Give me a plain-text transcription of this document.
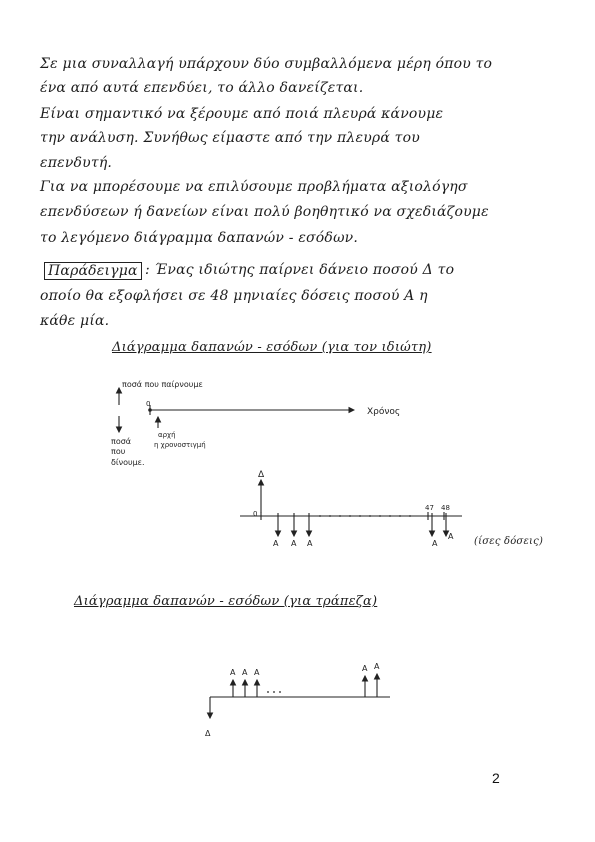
Σε μια συναλλαγή υπάρχουν δύο συμβαλλόμενα μέρη όπου το

ένα από αυτά επενδύει, το άλλο δανείζεται.

Είναι σημαντικό να ξέρουμε από ποιά πλευρά κάνουμε

την ανάλυση. Συνήθως είμαστε από την πλευρά του

επενδυτή.

Για να μπορέσουμε να επιλύσουμε προβλήματα αξιολόγησ

επενδύσεων ή δανείων είναι πολύ βοηθητικό να σχεδιάζουμε

το λεγόμενο διάγραμμα δαπανών - εσόδων.

Παράδειγμα : Ένας ιδιώτης παίρνει δάνειο ποσού Δ το

οποίο θα εξοφλήσει σε 48 μηνιαίες δόσεις ποσού Α η

κάθε μία.

Διάγραμμα δαπανών - εσόδων (για τον ιδιώτη)

ποσά που παίρνουμε
ποσά
που
δίνουμε.
0
αρχή
η χρονοστιγμή
Χρόνος
Δ
0
Α Α Α
47 48
Α
Α (ίσες δόσεις)

Διάγραμμα δαπανών - εσόδων (για τράπεζα)

Α Α Α	Α Α
Δ
2
